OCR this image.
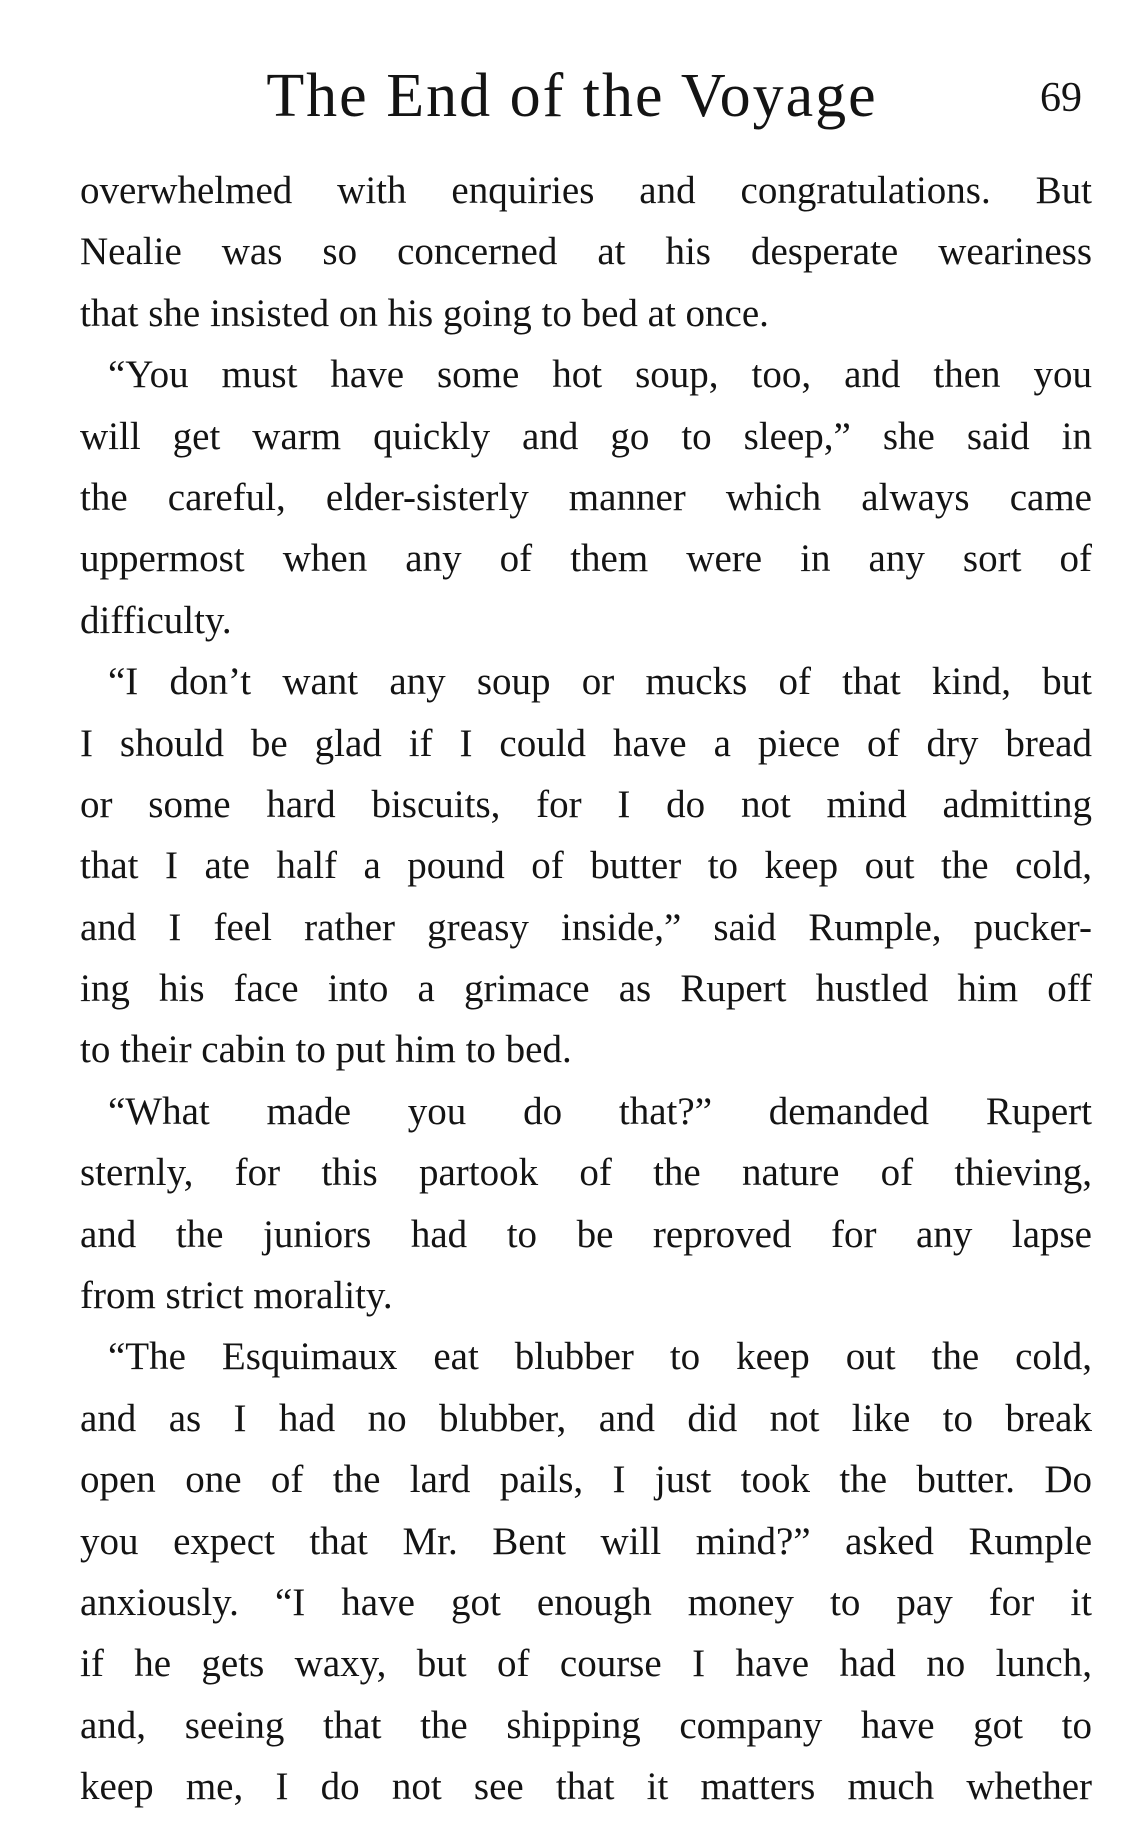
The End of the Voyage	69
overwhelmed with enquiries and congratulations. But
Nealie was so concerned at his desperate weariness
that she insisted on his going to bed at once.
“You must have some hot soup, too, and then you
will get warm quickly and go to sleep,” she said in
the careful, elder-sisterly manner which always came
uppermost when any of them were in any sort of
difficulty.
“I don’t want any soup or mucks of that kind, but
I should be glad if I could have a piece of dry bread
or some hard biscuits, for I do not mind admitting
that I ate half a pound of butter to keep out the cold,
and I feel rather greasy inside,” said Rumple, pucker-
ing his face into a grimace as Rupert hustled him off
to their cabin to put him to bed.
“What made you do that?” demanded Rupert
sternly, for this partook of the nature of thieving,
and the juniors had to be reproved for any lapse
from strict morality.
“The Esquimaux eat blubber to keep out the cold,
and as I had no blubber, and did not like to break
open one of the lard pails, I just took the butter. Do
you expect that Mr. Bent will mind?” asked Rumple
anxiously. “I have got enough money to pay for it
if he gets waxy, but of course I have had no lunch,
and, seeing that the shipping company have got to
keep me, I do not see that it matters much whether
